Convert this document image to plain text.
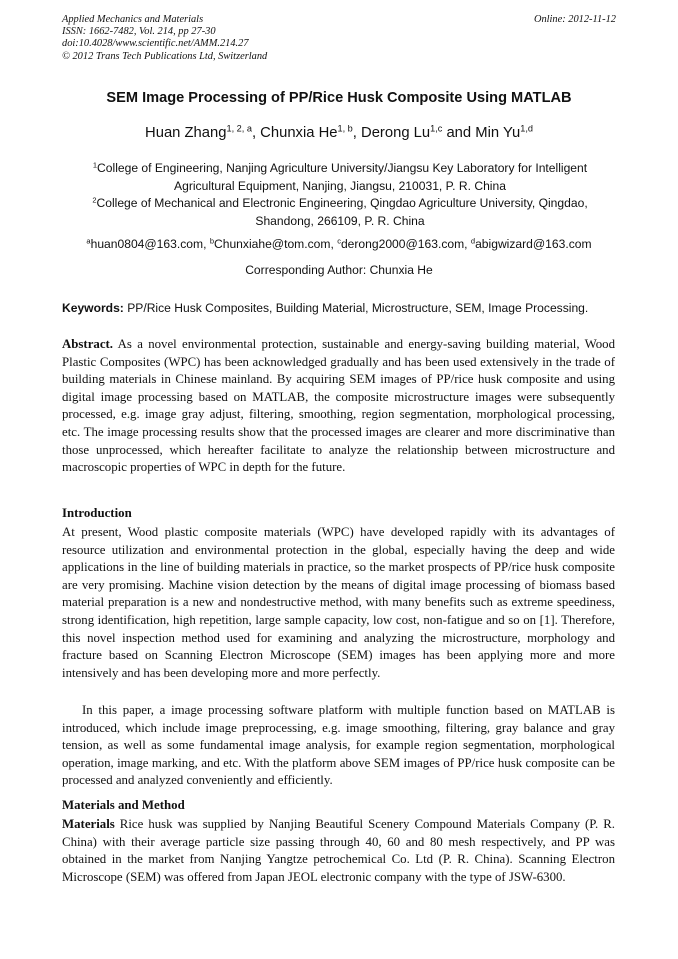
Applied Mechanics and Materials
ISSN: 1662-7482, Vol. 214, pp 27-30
doi:10.4028/www.scientific.net/AMM.214.27
© 2012 Trans Tech Publications Ltd, Switzerland
Online: 2012-11-12
SEM Image Processing of PP/Rice Husk Composite Using MATLAB
Huan Zhang$^{1, 2, a}$, Chunxia He$^{1, b}$, Derong Lu$^{1,c}$ and Min Yu$^{1,d}$
$^1$College of Engineering, Nanjing Agriculture University/Jiangsu Key Laboratory for Intelligent Agricultural Equipment, Nanjing, Jiangsu, 210031, P. R. China
$^2$College of Mechanical and Electronic Engineering, Qingdao Agriculture University, Qingdao, Shandong, 266109, P. R. China
$^a$huan0804@163.com, $^b$Chunxiahe@tom.com, $^c$derong2000@163.com, $^d$abigwizard@163.com
Corresponding Author: Chunxia He
Keywords: PP/Rice Husk Composites, Building Material, Microstructure, SEM, Image Processing.
Abstract. As a novel environmental protection, sustainable and energy-saving building material, Wood Plastic Composites (WPC) has been acknowledged gradually and has been used extensively in the trade of building materials in Chinese mainland. By acquiring SEM images of PP/rice husk composite and using digital image processing based on MATLAB, the composite microstructure images were subsequently processed, e.g. image gray adjust, filtering, smoothing, region segmentation, morphological processing, etc. The image processing results show that the processed images are clearer and more discriminative than those unprocessed, which hereafter facilitate to analyze the relationship between microstructure and macroscopic properties of WPC in depth for the future.
Introduction
At present, Wood plastic composite materials (WPC) have developed rapidly with its advantages of resource utilization and environmental protection in the global, especially having the deep and wide applications in the line of building materials in practice, so the market prospects of PP/rice husk composite are very promising. Machine vision detection by the means of digital image processing of biomass based material preparation is a new and nondestructive method, with many benefits such as extreme speediness, strong identification, high repetition, large sample capacity, low cost, non-fatigue and so on [1]. Therefore, this novel inspection method used for examining and analyzing the microstructure, morphology and fracture based on Scanning Electron Microscope (SEM) images has been applying more and more intensively and has been developing more and more perfectly.
In this paper, a image processing software platform with multiple function based on MATLAB is introduced, which include image preprocessing, e.g. image smoothing, filtering, gray balance and gray tension, as well as some fundamental image analysis, for example region segmentation, morphological operation, image marking, and etc. With the platform above SEM images of PP/rice husk composite can be processed and analyzed conveniently and efficiently.
Materials and Method
Materials Rice husk was supplied by Nanjing Beautiful Scenery Compound Materials Company (P. R. China) with their average particle size passing through 40, 60 and 80 mesh respectively, and PP was obtained in the market from Nanjing Yangtze petrochemical Co. Ltd (P. R. China). Scanning Electron Microscope (SEM) was offered from Japan JEOL electronic company with the type of JSW-6300.
